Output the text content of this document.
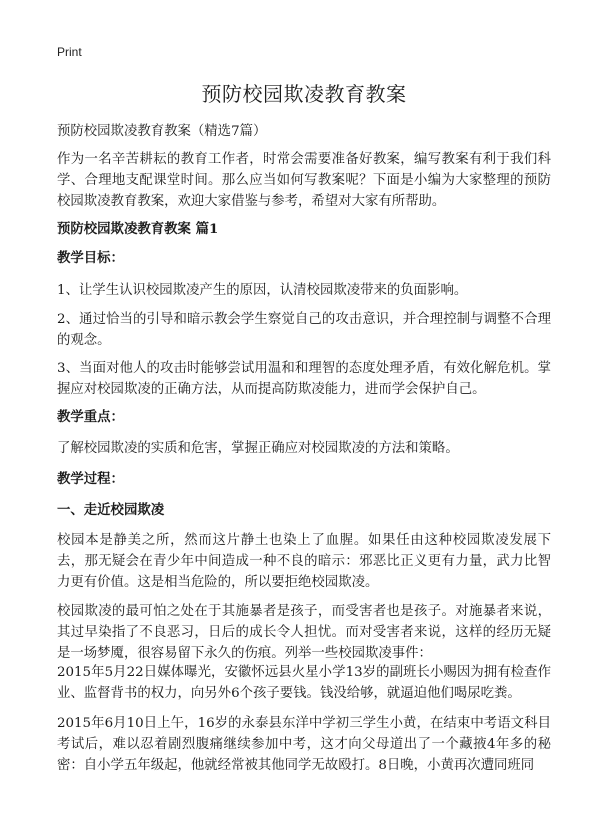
Print
预防校园欺凌教育教案

预防校园欺凌教育教案（精选7篇）

作为一名辛苦耕耘的教育工作者，时常会需要准备好教案，编写教案有利于我们科学、合理地支配课堂时间。那么应当如何写教案呢？下面是小编为大家整理的预防校园欺凌教育教案，欢迎大家借鉴与参考，希望对大家有所帮助。

预防校园欺凌教育教案 篇1

教学目标：

1、让学生认识校园欺凌产生的原因，认清校园欺凌带来的负面影响。

2、通过恰当的引导和暗示教会学生察觉自己的攻击意识，并合理控制与调整不合理的观念。

3、当面对他人的攻击时能够尝试用温和和理智的态度处理矛盾，有效化解危机。掌握应对校园欺凌的正确方法，从而提高防欺凌能力，进而学会保护自己。

教学重点：

了解校园欺凌的实质和危害，掌握正确应对校园欺凌的方法和策略。

教学过程：

一、走近校园欺凌

校园本是静美之所，然而这片静土也染上了血腥。如果任由这种校园欺凌发展下去，那无疑会在青少年中间造成一种不良的暗示：邪恶比正义更有力量，武力比智力更有价值。这是相当危险的，所以要拒绝校园欺凌。

校园欺凌的最可怕之处在于其施暴者是孩子，而受害者也是孩子。对施暴者来说，其过早染指了不良恶习，日后的成长令人担忧。而对受害者来说，这样的经历无疑是一场梦魇，很容易留下永久的伤痕。列举一些校园欺凌事件：

2015年5月22日媒体曝光，安徽怀远县火星小学13岁的副班长小赐因为拥有检查作业、监督背书的权力，向另外6个孩子要钱。钱没给够，就逼迫他们喝尿吃粪。

2015年6月10日上午，16岁的永泰县东洋中学初三学生小黄，在结束中考语文科目考试后，难以忍着剧烈腹痛继续参加中考，这才向父母道出了一个藏掖4年多的秘密：自小学五年级起，他就经常被其他同学无故殴打。8日晚，小黄再次遭同班同
